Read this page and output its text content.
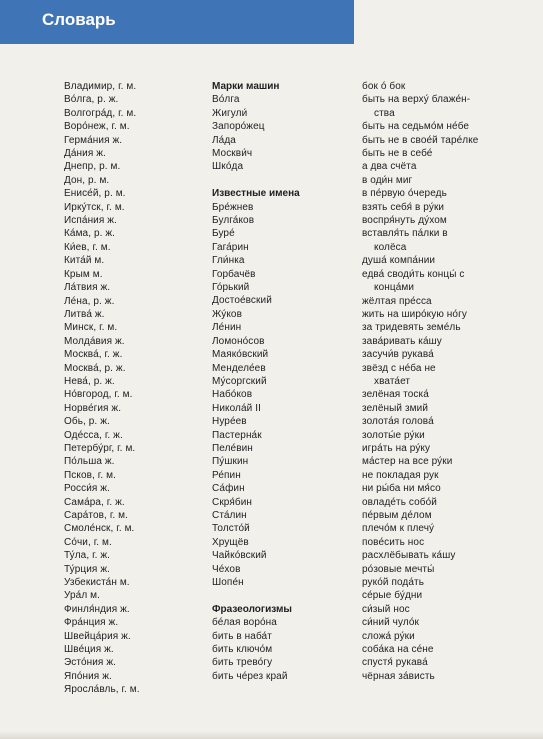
Словарь
Владимир, г. м.
Во́лга, р. ж.
Волгогра́д, г. м.
Воро́неж, г. м.
Герма́ния ж.
Да́ния ж.
Днепр, р. м.
Дон, р. м.
Енисе́й, р. м.
Ирку́тск, г. м.
Испа́ния ж.
Ка́ма, р. ж.
Ки́ев, г. м.
Кита́й м.
Крым м.
Ла́твия ж.
Ле́на, р. ж.
Литва́ ж.
Минск, г. м.
Молда́вия ж.
Москва́, г. ж.
Москва́, р. ж.
Нева́, р. ж.
Но́вгород, г. м.
Норве́гия ж.
Обь, р. ж.
Оде́сса, г. ж.
Петербу́рг, г. м.
По́льша ж.
Псков, г. м.
Росси́я ж.
Сама́ра, г. ж.
Сара́тов, г. м.
Смоле́нск, г. м.
Со́чи, г. м.
Ту́ла, г. ж.
Ту́рция ж.
Узбекиста́н м.
Ура́л м.
Финля́ндия ж.
Фра́нция ж.
Швейца́рия ж.
Шве́ция ж.
Эсто́ния ж.
Япо́ния ж.
Яросла́вль, г. м.
Марки машин
Во́лга
Жигули́
Запоро́жец
Ла́да
Москви́ч
Шко́да
Известные имена
Бре́жнев
Булга́ков
Буре́
Гага́рин
Гли́нка
Горбачёв
Го́рький
Достое́вский
Жу́ков
Ле́нин
Ломоно́сов
Маяко́вский
Менделе́ев
Му́соргский
Набо́ков
Никола́й II
Нуре́ев
Пастерна́к
Пеле́вин
Пу́шкин
Ре́пин
Са́фин
Скря́бин
Ста́лин
Толсто́й
Хрущёв
Чайко́вский
Че́хов
Шопе́н
Фразеологизмы
бе́лая воро́на
бить в наба́т
бить ключо́м
бить трево́гу
бить че́рез край
бок о́ бок
быть на верху́ блаже́н-
ства
быть на седьмо́м не́бе
быть не в свое́й таре́лке
быть не в себе́
а два счёта
в оди́н миг
в пе́рвую о́чередь
взять себя́ в ру́ки
воспря́нуть ду́хом
вставля́ть па́лки в
колёса
душа́ компа́нии
едва́ своди́ть концы́ с
конца́ми
жёлтая пре́сса
жить на широ́кую но́гу
за тридевять земе́ль
зава́ривать ка́шу
засучи́в рукава́
звёзд с не́ба не
хвата́ет
зелёная тоска́
зелёный змий
золота́я голова́
золоты́е ру́ки
игра́ть на ру́ку
ма́стер на все ру́ки
не покладая рук
ни ры́ба ни мя́со
овладе́ть собо́й
пе́рвым де́лом
плечо́м к плечу́
пове́сить нос
расхлёбывать ка́шу
ро́зовые мечты́
руко́й пода́ть
се́рые бу́дни
си́зый нос
си́ний чуло́к
сложа́ ру́ки
соба́ка на се́не
спустя́ рукава́
чёрная за́висть
